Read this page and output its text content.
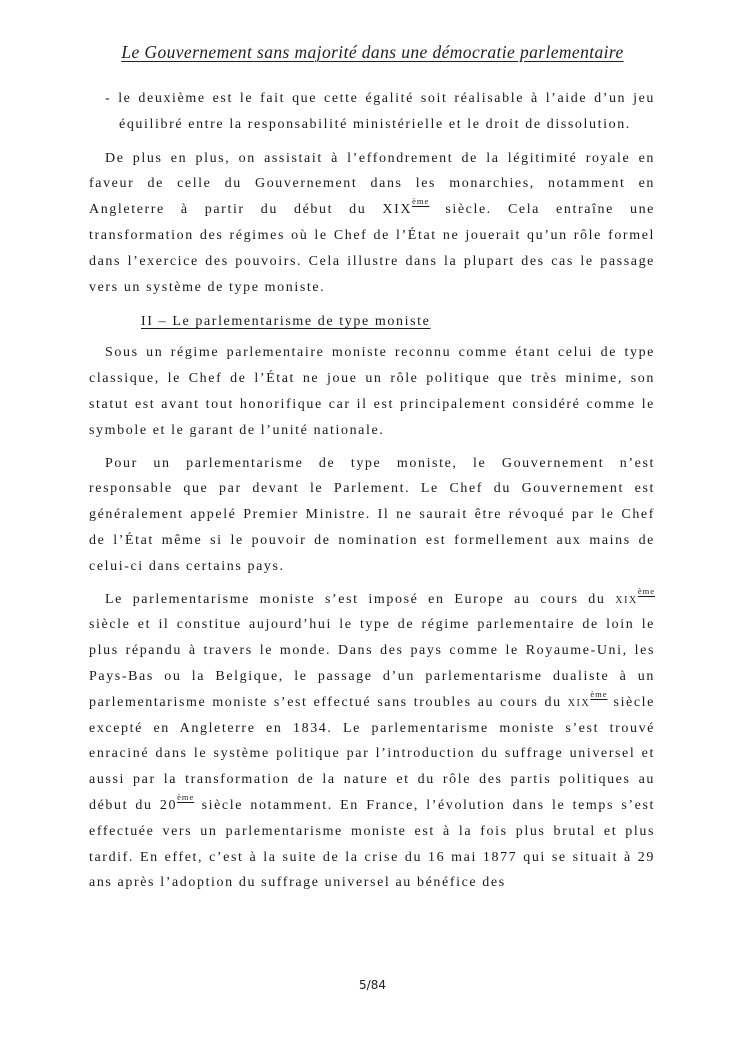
Le Gouvernement sans majorité dans une démocratie parlementaire
- le deuxième est le fait que cette égalité soit réalisable à l’aide d’un jeu équilibré entre la responsabilité ministérielle et le droit de dissolution.

De plus en plus, on assistait à l’effondrement de la légitimité royale en faveur de celle du Gouvernement dans les monarchies, notamment en Angleterre à partir du début du XIXème siècle. Cela entraîne une transformation des régimes où le Chef de l’État ne jouerait qu’un rôle formel dans l’exercice des pouvoirs. Cela illustre dans la plupart des cas le passage vers un système de type moniste.

II – Le parlementarisme de type moniste

Sous un régime parlementaire moniste reconnu comme étant celui de type classique, le Chef de l’État ne joue un rôle politique que très minime, son statut est avant tout honorifique car il est principalement considéré comme le symbole et le garant de l’unité nationale.

Pour un parlementarisme de type moniste, le Gouvernement n’est responsable que par devant le Parlement. Le Chef du Gouvernement est généralement appelé Premier Ministre. Il ne saurait être révoqué par le Chef de l’État même si le pouvoir de nomination est formellement aux mains de celui-ci dans certains pays.

Le parlementarisme moniste s’est imposé en Europe au cours du xix$^{ème}$ siècle et il constitue aujourd’hui le type de régime parlementaire de loin le plus répandu à travers le monde. Dans des pays comme le Royaume-Uni, les Pays-Bas ou la Belgique, le passage d’un parlementarisme dualiste à un parlementarisme moniste s’est effectué sans troubles au cours du xix$^{ème}$ siècle excepté en Angleterre en 1834. Le parlementarisme moniste s’est trouvé enraciné dans le système politique par l’introduction du suffrage universel et aussi par la transformation de la nature et du rôle des partis politiques au début du 20ème siècle notamment. En France, l’évolution dans le temps s’est effectuée vers un parlementarisme moniste est à la fois plus brutal et plus tardif. En effet, c’est à la suite de la crise du 16 mai 1877 qui se situait à 29 ans après l’adoption du suffrage universel au bénéfice des

5/84
